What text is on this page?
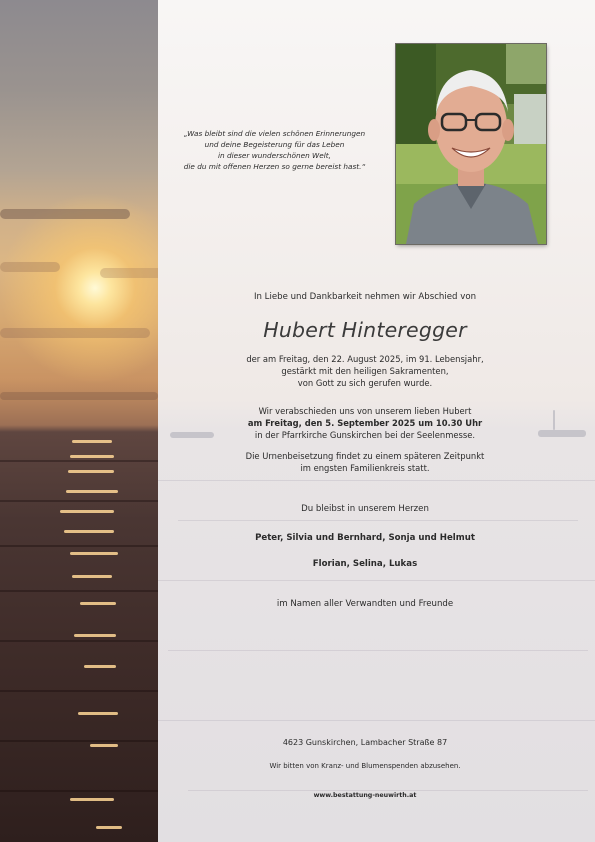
„Was bleibt sind die vielen schönen Erinnerungen
und deine Begeisterung für das Leben
in dieser wunderschönen Welt,
die du mit offenen Herzen so gerne bereist hast.“
In Liebe und Dankbarkeit nehmen wir Abschied von
Hubert Hinteregger
der am Freitag, den 22. August 2025, im 91. Lebensjahr,
gestärkt mit den heiligen Sakramenten,
von Gott zu sich gerufen wurde.
Wir verabschieden uns von unserem lieben Hubert
am Freitag, den 5. September 2025 um 10.30 Uhr
in der Pfarrkirche Gunskirchen bei der Seelenmesse.
Die Urnenbeisetzung findet zu einem späteren Zeitpunkt
im engsten Familienkreis statt.
Du bleibst in unserem Herzen
Peter, Silvia und Bernhard, Sonja und Helmut
Florian, Selina, Lukas
im Namen aller Verwandten und Freunde
4623 Gunskirchen, Lambacher Straße 87
Wir bitten von Kranz- und Blumenspenden abzusehen.
www.bestattung-neuwirth.at
